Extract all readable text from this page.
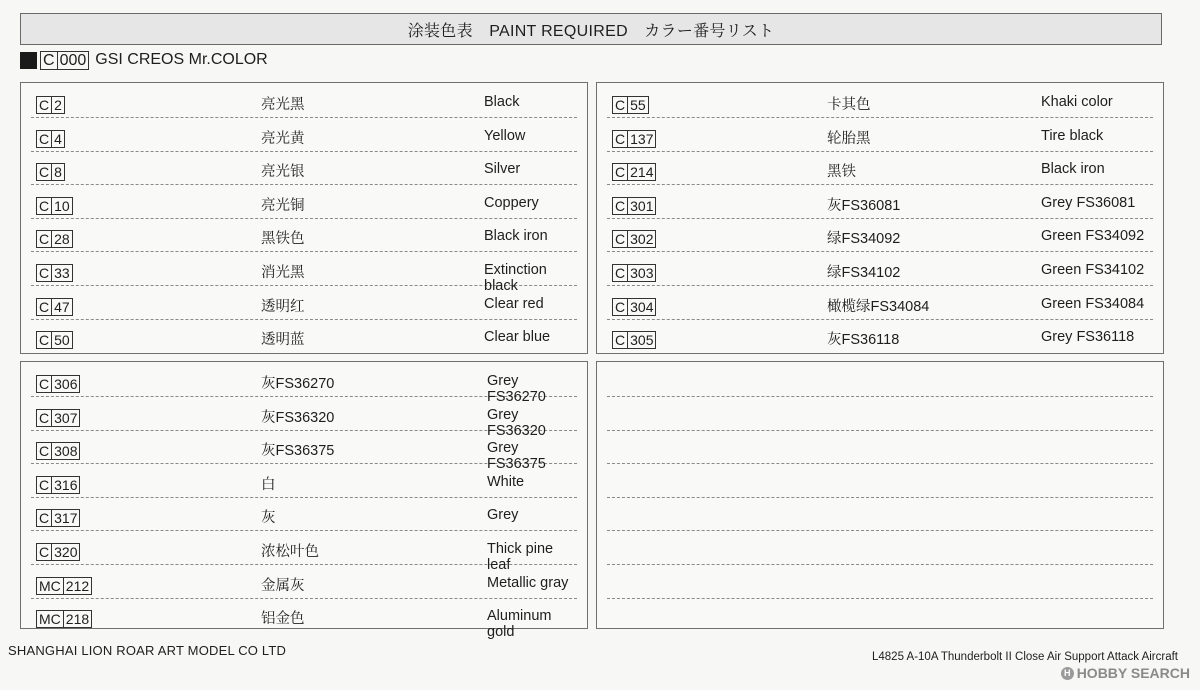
涂装色表　PAINT REQUIRED　カラー番号リスト
C 000 GSI CREOS Mr.COLOR
C 2	亮光黑	Black
C 4	亮光黄	Yellow
C 8	亮光银	Silver
C 10	亮光铜	Coppery
C 28	黑铁色	Black iron
C 33	消光黑	Extinction black
C 47	透明红	Clear red
C 50	透明蓝	Clear blue
C 55	卡其色	Khaki color
C 137	轮胎黑	Tire black
C 214	黑铁	Black iron
C 301	灰FS36081	Grey FS36081
C 302	绿FS34092	Green FS34092
C 303	绿FS34102	Green FS34102
C 304	橄榄绿FS34084	Green FS34084
C 305	灰FS36118	Grey FS36118
C 306	灰FS36270	Grey FS36270
C 307	灰FS36320	Grey FS36320
C 308	灰FS36375	Grey FS36375
C 316	白	White
C 317	灰	Grey
C 320	浓松叶色	Thick pine leaf
MC 212	金属灰	Metallic gray
MC 218	铝金色	Aluminum gold
SHANGHAI LION ROAR ART MODEL CO LTD	L4825 A-10A Thunderbolt II Close Air Support Attack Aircraft
H HOBBY SEARCH
